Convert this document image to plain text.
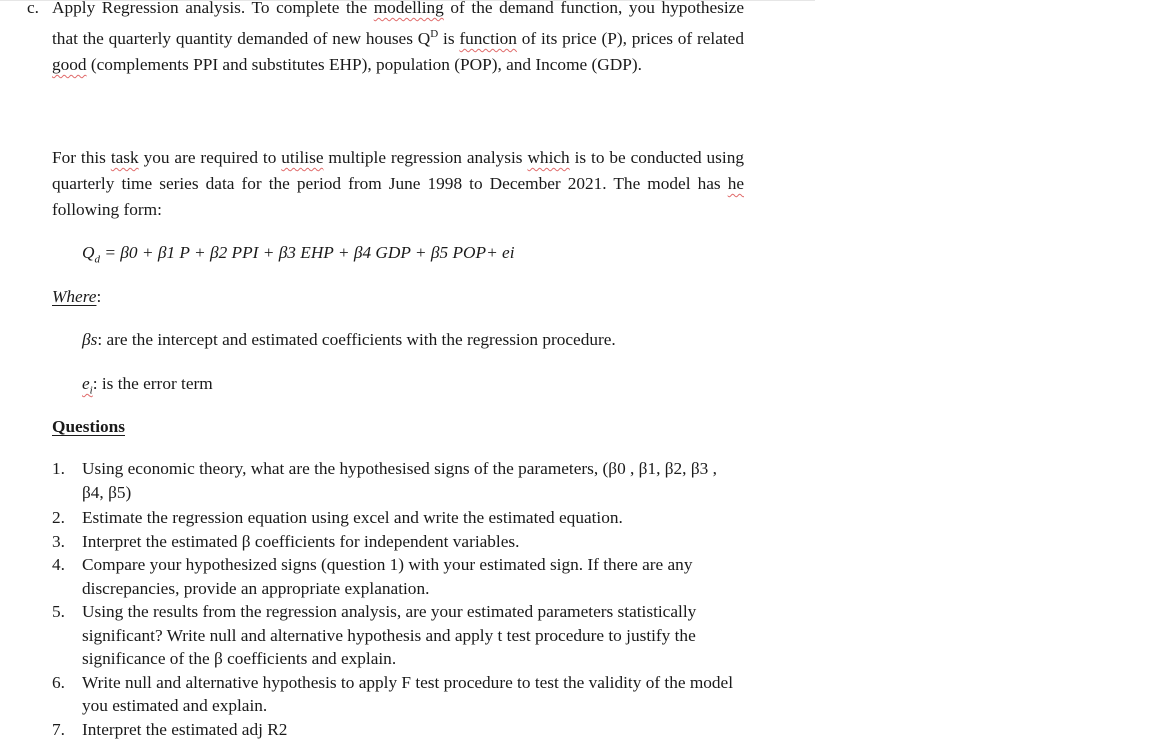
c. Apply Regression analysis. To complete the modelling of the demand function, you hypothesize that the quarterly quantity demanded of new houses $Q^D$ is function of its price (P), prices of related good (complements PPI and substitutes EHP), population (POP), and Income (GDP).

For this task you are required to utilise multiple regression analysis which is to be conducted using quarterly time series data for the period from June 1998 to December 2021. The model has he following form:

$Q_d = \beta 0 + \beta 1$ P + β2 PPI + β3 EHP + β4 GDP + β5 POP+ ei
Where:
βs: are the intercept and estimated coefficients with the regression procedure.
$e_i$: is the error term
Questions
1. Using economic theory, what are the hypothesised signs of the parameters, (β0 , β1, β2, β3 , β4, β5)
2. Estimate the regression equation using excel and write the estimated equation.
3. Interpret the estimated β coefficients for independent variables.
4. Compare your hypothesized signs (question 1) with your estimated sign. If there are any discrepancies, provide an appropriate explanation.
5. Using the results from the regression analysis, are your estimated parameters statistically significant? Write null and alternative hypothesis and apply t test procedure to justify the significance of the β coefficients and explain.
6. Write null and alternative hypothesis to apply F test procedure to test the validity of the model you estimated and explain.
7. Interpret the estimated adj R2
